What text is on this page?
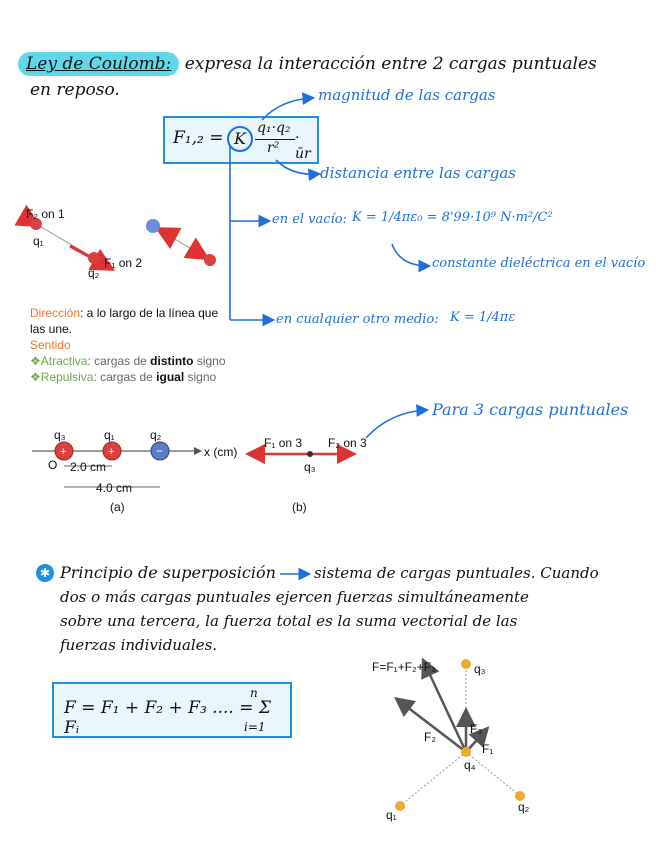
Ley de Coulomb: expresa la interacción entre 2 cargas puntuales
en reposo.
F₁,₂ = K
q₁·q₂
r²
· ūr
+	+	−
magnitud de las cargas
distancia entre las cargas
en el vacío: K = 1/4πε₀ = 8'99·10⁹ N·m²/C²
constante dieléctrica en el vacío
en cualquier otro medio: K = 1/4πε
F₂ on 1
F₁ on 2
q₁
q₂
Dirección: a lo largo de la línea que
las une.
Sentido
❖Atractiva: cargas de distinto signo
❖Repulsiva: cargas de igual signo
q₃	q₁	q₂
x (cm)
O 2.0 cm
4.0 cm
(a)
F₁ on 3 F₂ on 3
q₃
(b)
Para 3 cargas puntuales
✱ Principio de superposición	sistema de cargas puntuales. Cuando
dos o más cargas puntuales ejercen fuerzas simultáneamente
sobre una tercera, la fuerza total es la suma vectorial de las
fuerzas individuales.
F = F₁ + F₂ + F₃ .... = Σ Fᵢ
n
i=1
F=F₁+F₂+F₃
F₁
F₂
F₃
q₁
q₂
q₃
q₄
